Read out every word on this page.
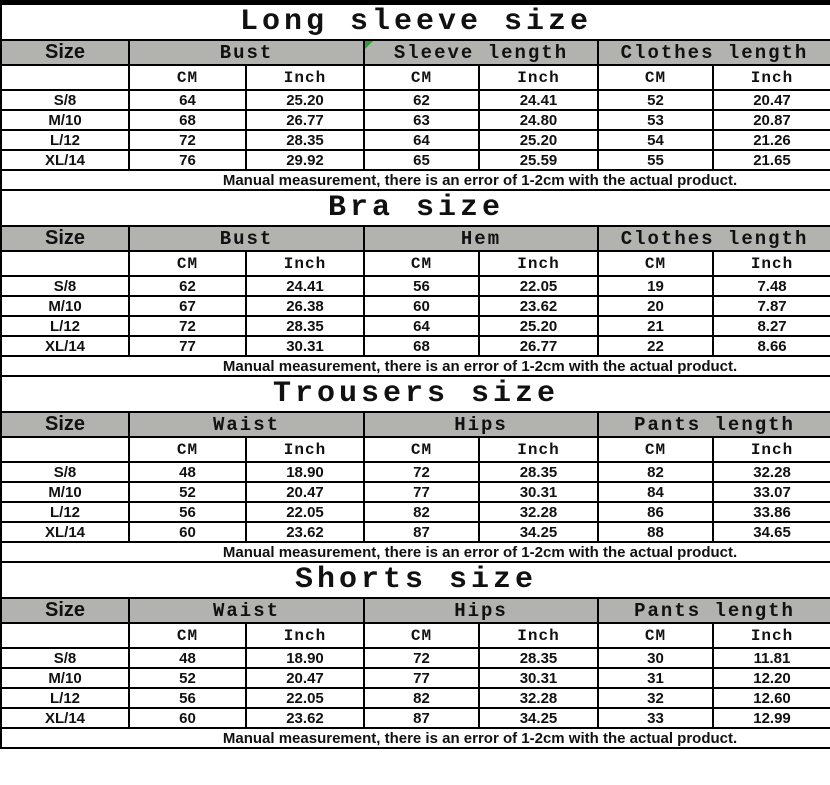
Long sleeve size						
Size	Bust		Sleeve length		Clothes length	
	CM	Inch	CM	Inch	CM	Inch
S/8	64	25.20	62	24.41	52	20.47
M/10	68	26.77	63	24.80	53	20.87
L/12	72	28.35	64	25.20	54	21.26
XL/14	76	29.92	65	25.59	55	21.65
Manual measurement, there is an error of 1-2cm with the actual product.						
Bra size						
Size	Bust		Hem		Clothes length	
	CM	Inch	CM	Inch	CM	Inch
S/8	62	24.41	56	22.05	19	7.48
M/10	67	26.38	60	23.62	20	7.87
L/12	72	28.35	64	25.20	21	8.27
XL/14	77	30.31	68	26.77	22	8.66
Manual measurement, there is an error of 1-2cm with the actual product.						
Trousers size						
Size	Waist		Hips		Pants length	
	CM	Inch	CM	Inch	CM	Inch
S/8	48	18.90	72	28.35	82	32.28
M/10	52	20.47	77	30.31	84	33.07
L/12	56	22.05	82	32.28	86	33.86
XL/14	60	23.62	87	34.25	88	34.65
Manual measurement, there is an error of 1-2cm with the actual product.						
Shorts size						
Size	Waist		Hips		Pants length	
	CM	Inch	CM	Inch	CM	Inch
S/8	48	18.90	72	28.35	30	11.81
M/10	52	20.47	77	30.31	31	12.20
L/12	56	22.05	82	32.28	32	12.60
XL/14	60	23.62	87	34.25	33	12.99
Manual measurement, there is an error of 1-2cm with the actual product.						
